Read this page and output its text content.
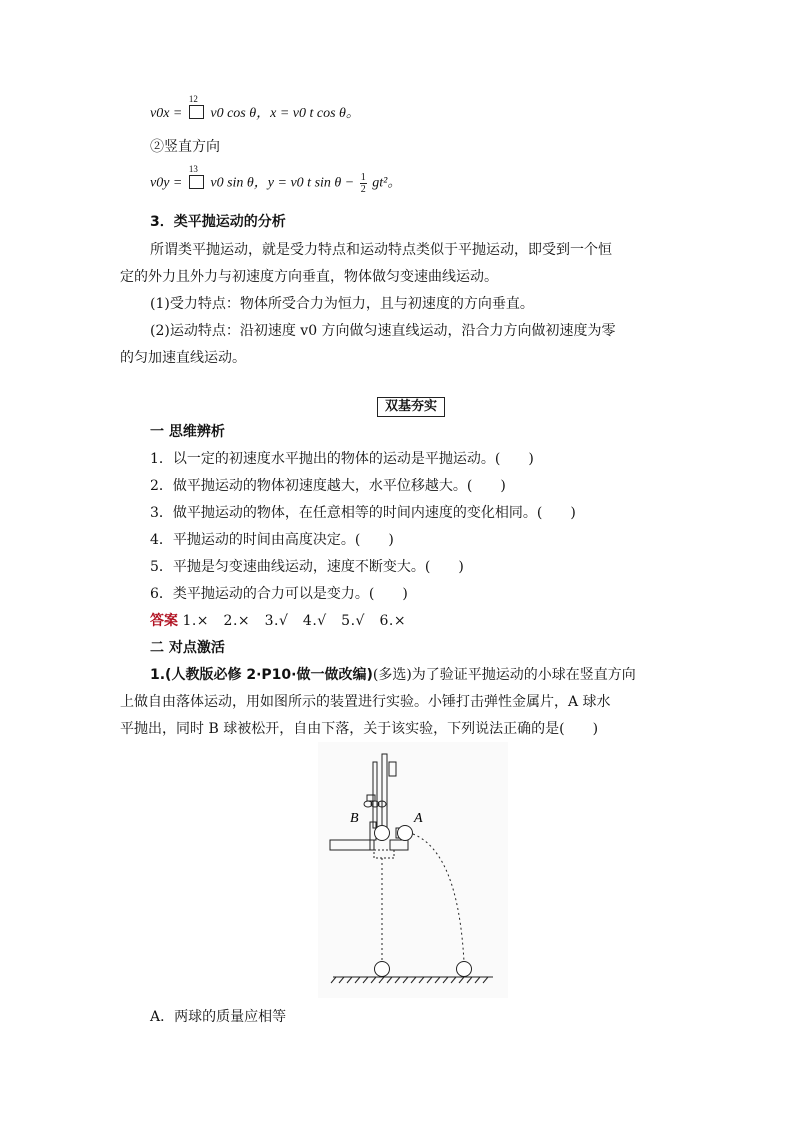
v0x =
12
v0 cos θ，x = v0 t cos θ。
②竖直方向
v0y =
13
v0 sin θ，y = v0 t $\sin \theta - \frac{1}{2} gt^2$。
3．类平抛运动的分析
所谓类平抛运动，就是受力特点和运动特点类似于平抛运动，即受到一个恒
定的外力且外力与初速度方向垂直，物体做匀变速曲线运动。
(1)受力特点：物体所受合力为恒力，且与初速度的方向垂直。
(2)运动特点：沿初速度 v0 方向做匀速直线运动，沿合力方向做初速度为零
的匀加速直线运动。
双基夯实
一 思维辨析
1．以一定的初速度水平抛出的物体的运动是平抛运动。(　　)
2．做平抛运动的物体初速度越大，水平位移越大。(　　)
3．做平抛运动的物体，在任意相等的时间内速度的变化相同。(　　)
4．平抛运动的时间由高度决定。(　　)
5．平抛是匀变速曲线运动，速度不断变大。(　　)
6．类平抛运动的合力可以是变力。(　　)
答案 1.×　2.×　3.√　4.√　5.√　6.×
二 对点激活
1.(人教版必修 2·P10·做一做改编)(多选)为了验证平抛运动的小球在竖直方向
上做自由落体运动，用如图所示的装置进行实验。小锤打击弹性金属片，A 球水
平抛出，同时 B 球被松开，自由下落，关于该实验，下列说法正确的是(　　)
B	A
A．两球的质量应相等
